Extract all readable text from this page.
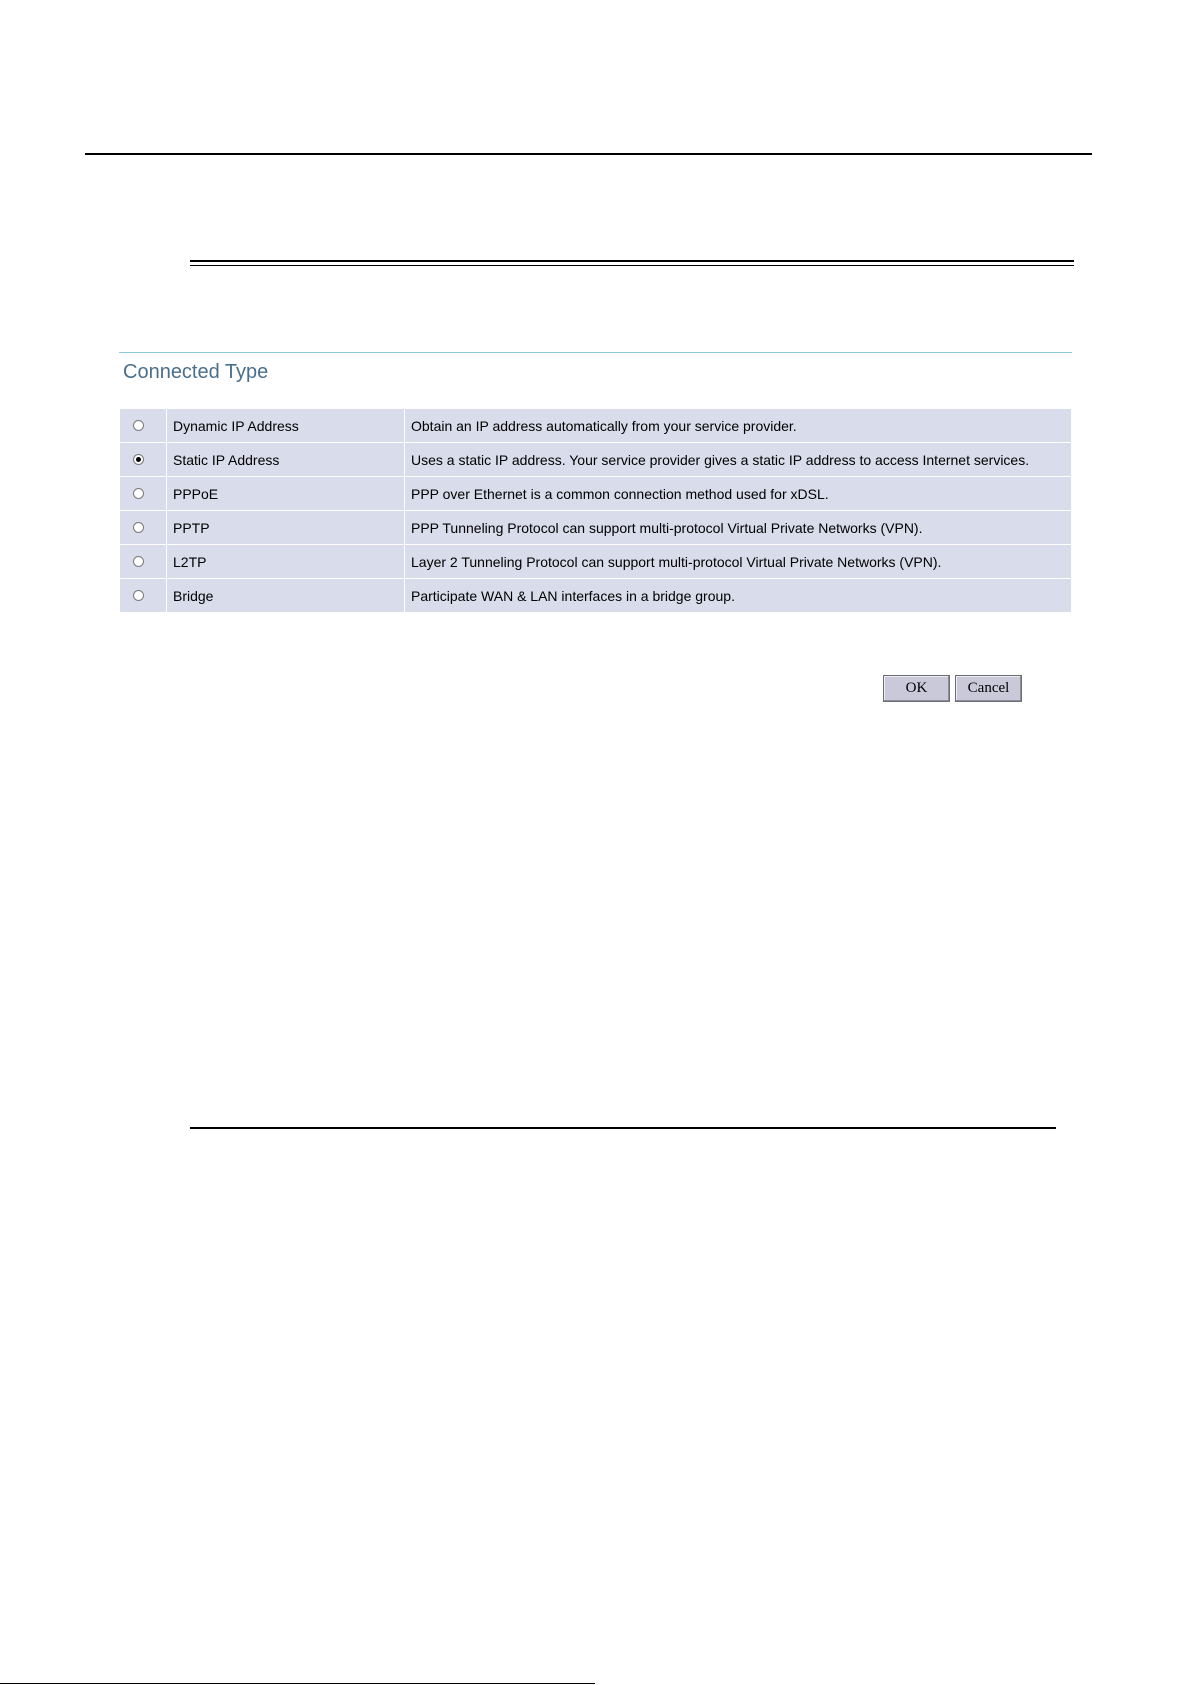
Connected Type
	Dynamic IP Address	Obtain an IP address automatically from your service provider.

	Static IP Address	Uses a static IP address. Your service provider gives a static IP address to access Internet services.

	PPPoE	PPP over Ethernet is a common connection method used for xDSL.

	PPTP	PPP Tunneling Protocol can support multi-protocol Virtual Private Networks (VPN).

	L2TP	Layer 2 Tunneling Protocol can support multi-protocol Virtual Private Networks (VPN).

	Bridge	Participate WAN & LAN interfaces in a bridge group.
OK	Cancel
